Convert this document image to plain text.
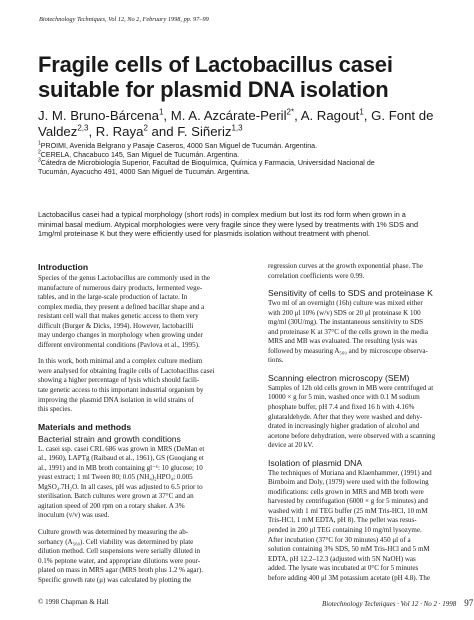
Biotechnology Techniques, Vol 12, No 2, February 1998, pp. 97–99
Fragile cells of Lactobacillus casei
suitable for plasmid DNA isolation
J. M. Bruno-Bárcena$^1$, M. A. Azcárate-Peril$^{2*}$, A. Ragout$^1$, G. Font de
Valdez$^{2,3}$, R. Raya$^2$ and F. Siñeriz$^{1,3}$
$^1$PROIMI, Avenida Belgrano y Pasaje Caseros, 4000 San Miguel de Tucumán. Argentina.
$^2$CERELA, Chacabuco 145, San Miguel de Tucumán. Argentina.
$^3$Cátedra de Microbiología Superior, Facultad de Bioquímica, Química y Farmacia, Universidad Nacional de
Tucumán, Ayacucho 491, 4000 San Miguel de Tucumán. Argentina.
Lactobacillus casei had a typical morphology (short rods) in complex medium but lost its rod form when grown in a
minimal basal medium. Atypical morphologies were very fragile since they were lysed by treatments with 1% SDS and
1mg/ml proteinase K but they were efficiently used for plasmids isolation without treatment with phenol.
Introduction
Species of the genus Lactobacillus are commonly used in the
manufacture of numerous dairy products, fermented vege-
tables, and in the large-scale production of lactate. In
complex media, they present a defined bacillar shape and a
resistant cell wall that makes genetic access to them very
difficult (Burger & Dicks, 1994). However, lactobacilli
may undergo changes in morphology when growing under
different environmental conditions (Pavlova et al., 1995).
In this work, both minimal and a complex culture medium
were analysed for obtaining fragile cells of Lactobacillus casei
showing a higher percentage of lysis which should facili-
tate genetic access to this important industrial organism by
improving the plasmid DNA isolation in wild strains of
this species.
Materials and methods
Bacterial strain and growth conditions
L. casei ssp. casei CRL 686 was grown in MRS (DeMan et
al., 1960), LAPTg (Raibaud et al., 1961), GS (Guoqiang et
al., 1991) and in MB broth containing gl⁻¹: 10 glucose; 10
yeast extract; 1 ml Tween 80; 0.05 (NH₄)₂HPO₄; 0.005
MgSO₄.7H₂O. In all cases, pH was adjusted to 6.5 prior to
sterilisation. Batch cultures were grown at 37°C and an
agitation speed of 200 rpm on a rotary shaker. A 3%
inoculum (v/v) was used.
Culture growth was determined by measuring the ab-
sorbancy (A₅₆₀). Cell viability was determined by plate
dilution method. Cell suspensions were serially diluted in
0.1% peptone water, and appropriate dilutions were pour-
plated on mass in MRS agar (MRS broth plus 1.2 % agar).
Specific growth rate (μ) was calculated by plotting the
regression curves at the growth exponential phase. The
correlation coefficients were 0.99.
Sensitivity of cells to SDS and proteinase K
Two ml of an overnight (16h) culture was mixed either
with 200 μl 10% (w/v) SDS or 20 μl proteinase K 100
mg/ml (30U/mg). The instantaneous sensitivity to SDS
and proteinase K at 37°C of the cells grown in the media
MRS and MB was evaluated. The resulting lysis was
followed by measuring A₅₆₀ and by microscope observa-
tions.
Scanning electron microscopy (SEM)
Samples of 12h old cells grown in MB were centrifuged at
10000 × g for 5 min, washed once with 0.1 M sodium
phosphate buffer, pH 7.4 and fixed 16 h with 4.16%
glutaraldehyde. After that they were washed and dehy-
drated in increasingly higher gradation of alcohol and
acetone before dehydration, were observed with a scanning
device at 20 kV.
Isolation of plasmid DNA
The techniques of Muriana and Klaenhammer, (1991) and
Birnboim and Doly, (1979) were used with the following
modifications: cells grown in MRS and MB broth were
harvested by centrifugation (6000 × g for 5 minutes) and
washed with 1 ml TEG buffer (25 mM Tris-HCl, 10 mM
Tris-HCl, 1 mM EDTA, pH 8). The pellet was resus-
pended in 200 μl TEG containing 10 mg/ml lysozyme.
After incubation (37°C for 30 minutes) 450 μl of a
solution containing 3% SDS, 50 mM Tris-HCl and 5 mM
EDTA, pH 12.2–12.3 (adjusted with 5N NaOH) was
added. The lysate was incubated at 0°C for 5 minutes
before adding 400 μl 3M potassium acetate (pH 4.8). The
© 1998 Chapman & Hall	Biotechnology Techniques · Vol 12 · No 2 · 1998 97
